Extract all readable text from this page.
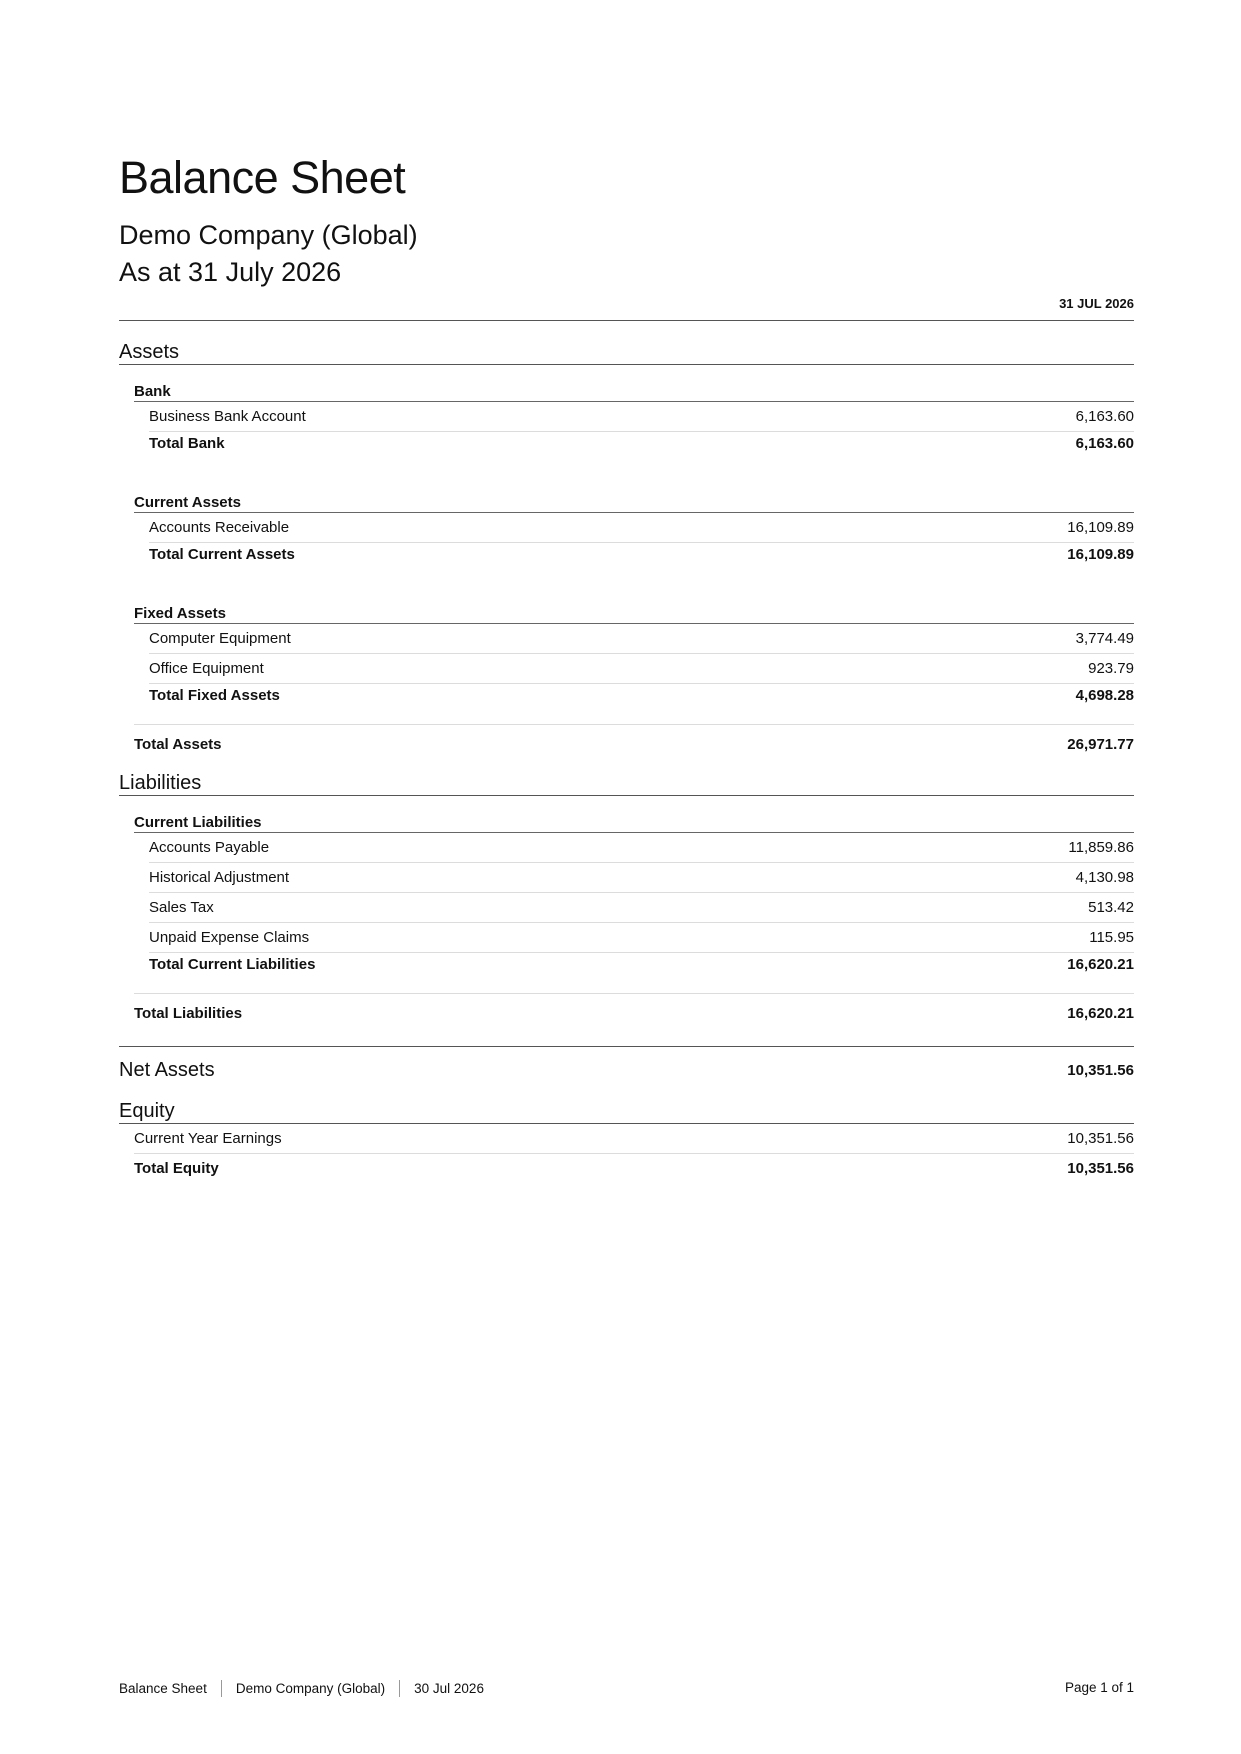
Balance Sheet
Demo Company (Global)
As at 31 July 2026
31 JUL 2026
Assets
Bank
Business Bank Account	6,163.60
Total Bank	6,163.60
Current Assets
Accounts Receivable	16,109.89
Total Current Assets	16,109.89
Fixed Assets
Computer Equipment	3,774.49
Office Equipment	923.79
Total Fixed Assets	4,698.28
Total Assets	26,971.77
Liabilities
Current Liabilities
Accounts Payable	11,859.86
Historical Adjustment	4,130.98
Sales Tax	513.42
Unpaid Expense Claims	115.95
Total Current Liabilities	16,620.21
Total Liabilities	16,620.21
Net Assets	10,351.56
Equity
Current Year Earnings	10,351.56
Total Equity	10,351.56
Balance Sheet Demo Company (Global) 30 Jul 2026	Page 1 of 1
